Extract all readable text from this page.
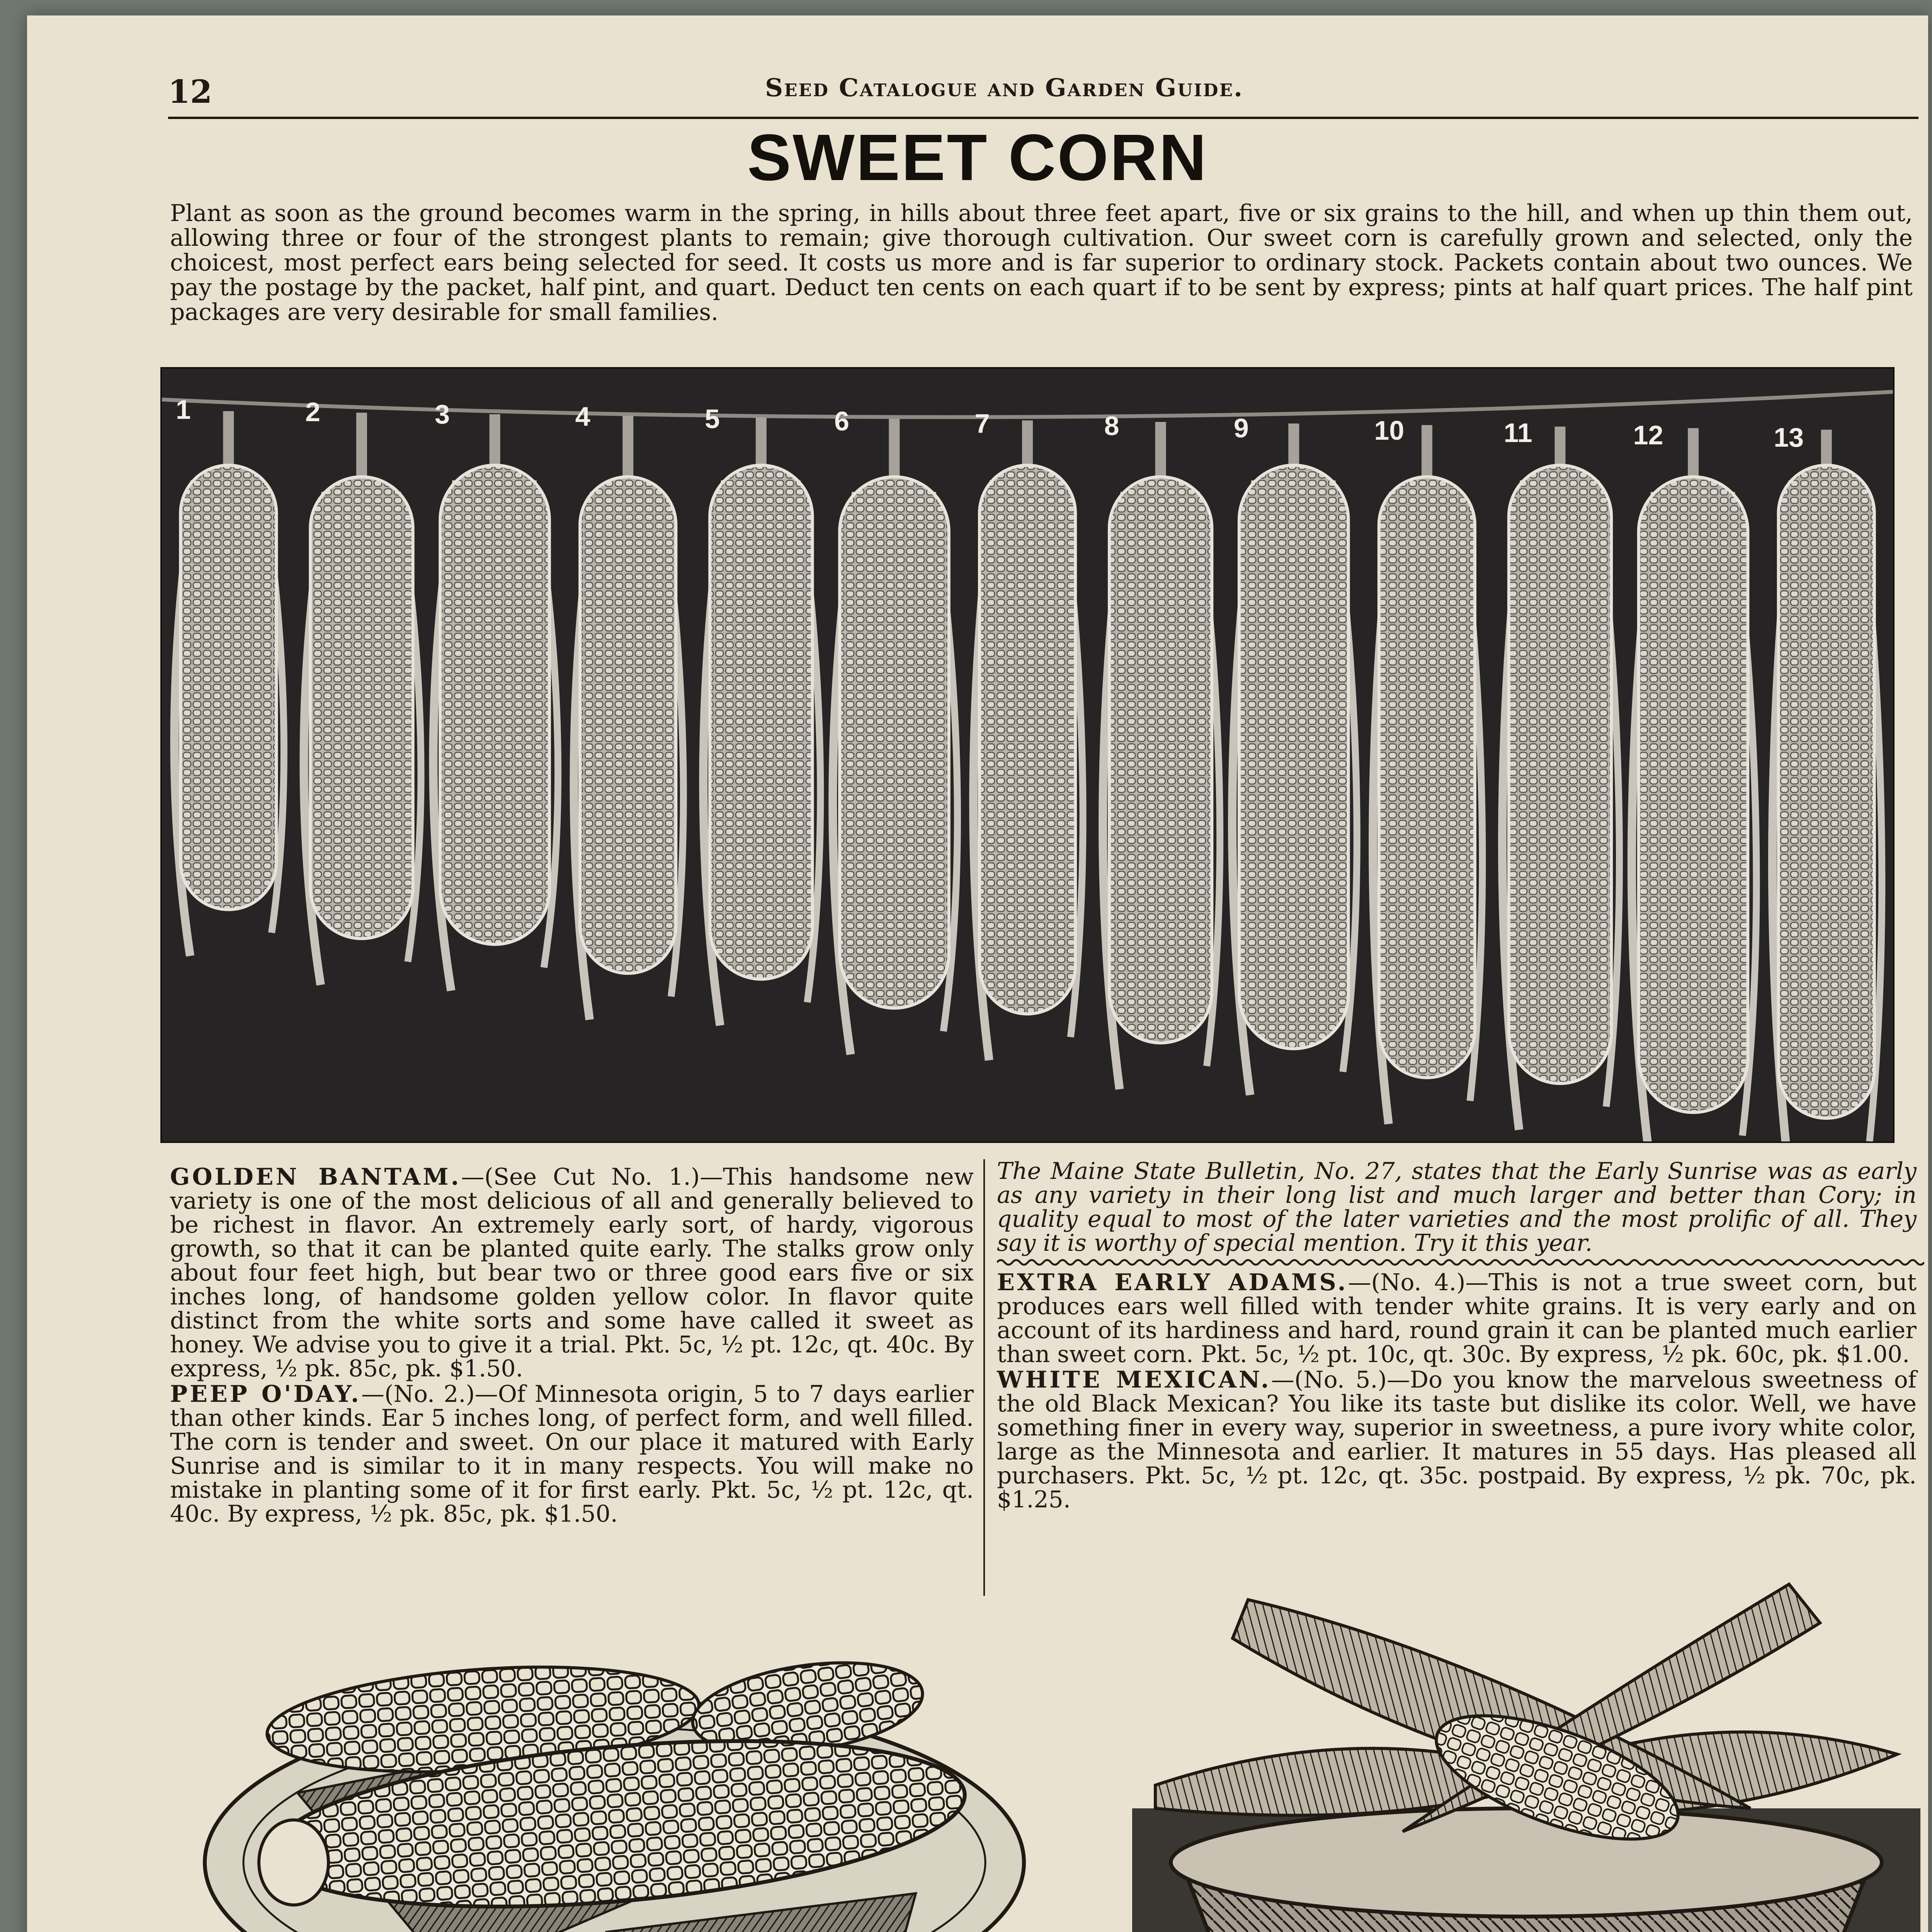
12	Seed Catalogue and Garden Guide.
SWEET CORN
Plant as soon as the ground becomes warm in the spring, in hills about three feet apart, five or six grains to the hill, and when up thin them out, allowing three or four of the strongest plants to remain; give thorough cultivation. Our sweet corn is carefully grown and selected, only the choicest, most perfect ears being selected for seed. It costs us more and is far superior to ordinary stock. Packets contain about two ounces. We pay the postage by the packet, half pint, and quart. Deduct ten cents on each quart if to be sent by express; pints at half quart prices. The half pint packages are very desirable for small families.
1	2	3	4	5	6	7	8	9	10	11	12	13

GOLDEN BANTAM.—(See Cut No. 1.)—This handsome new variety is one of the most delicious of all and generally believed to be richest in flavor. An extremely early sort, of hardy, vigorous growth, so that it can be planted quite early. The stalks grow only about four feet high, but bear two or three good ears five or six inches long, of handsome golden yellow color. In flavor quite distinct from the white sorts and some have called it sweet as honey. We advise you to give it a trial. Pkt. 5c, ½ pt. 12c, qt. 40c. By express, ½ pk. 85c, pk. $1.50.

PEEP O'DAY.—(No. 2.)—Of Minnesota origin, 5 to 7 days earlier than other kinds. Ear 5 inches long, of perfect form, and well filled. The corn is tender and sweet. On our place it matured with Early Sunrise and is similar to it in many respects. You will make no mistake in planting some of it for first early. Pkt. 5c, ½ pt. 12c, qt. 40c. By express, ½ pk. 85c, pk. $1.50.

The Maine State Bulletin, No. 27, states that the Early Sunrise was as early as any variety in their long list and much larger and better than Cory; in quality equal to most of the later varieties and the most prolific of all. They say it is worthy of special mention. Try it this year.

EXTRA EARLY ADAMS.—(No. 4.)—This is not a true sweet corn, but produces ears well filled with tender white grains. It is very early and on account of its hardiness and hard, round grain it can be planted much earlier than sweet corn. Pkt. 5c, ½ pt. 10c, qt. 30c. By express, ½ pk. 60c, pk. $1.00.

WHITE MEXICAN.—(No. 5.)—Do you know the marvelous sweetness of the old Black Mexican? You like its taste but dislike its color. Well, we have something finer in every way, superior in sweetness, a pure ivory white color, large as the Minnesota and earlier. It matures in 55 days. Has pleased all purchasers. Pkt. 5c, ½ pt. 12c, qt. 35c. postpaid. By express, ½ pk. 70c, pk. $1.25.
